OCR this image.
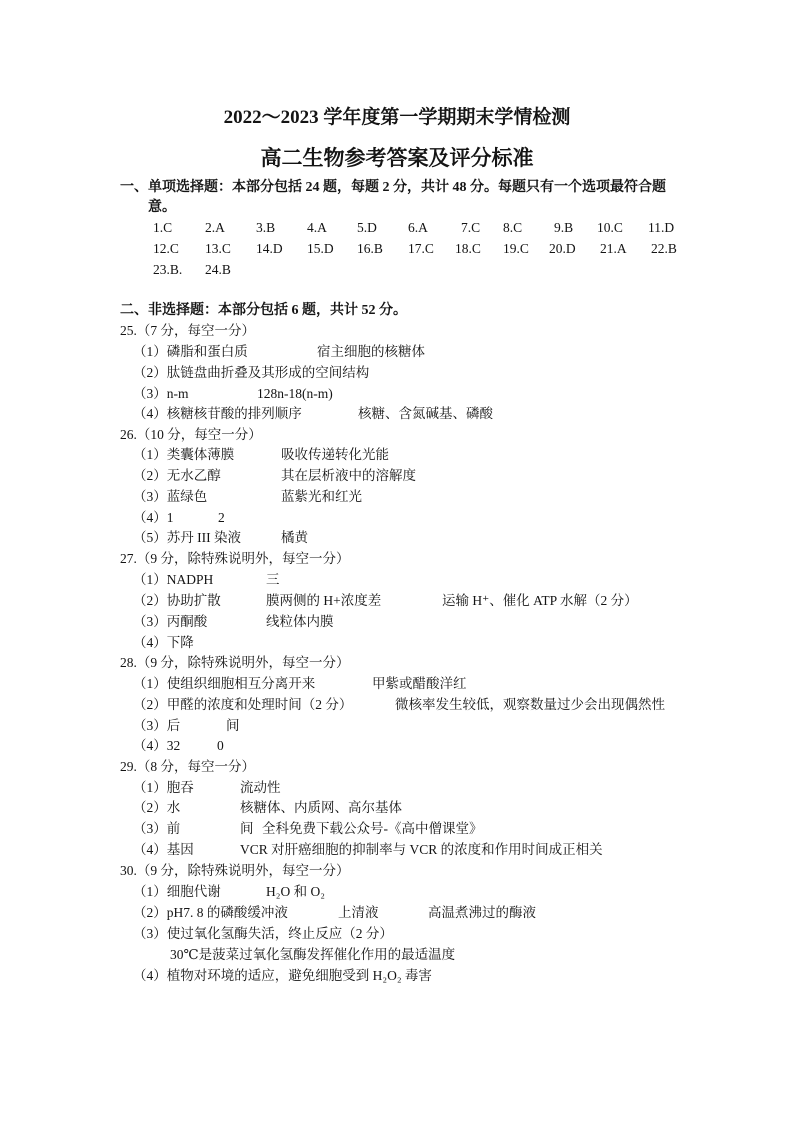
2022～2023 学年度第一学期期末学情检测
高二生物参考答案及评分标准
一、单项选择题：本部分包括 24 题，每题 2 分，共计 48 分。每题只有一个选项最符合题
意。
1.C 2.A 3.B 4.A 5.D 6.A 7.C 8.C 9.B 10.C 11.D
12.C 13.C 14.D 15.D 16.B 17.C 18.C 19.C 20.D 21.A 22.B
23.B. 24.B
二、非选择题：本部分包括 6 题，共计 52 分。
25.（7 分，每空一分）
（1）磷脂和蛋白质	宿主细胞的核糖体
（2）肽链盘曲折叠及其形成的空间结构
（3）n-m	128n-18(n-m)
（4）核糖核苷酸的排列顺序	核糖、含氮碱基、磷酸
26.（10 分，每空一分）
（1）类囊体薄膜	吸收传递转化光能
（2）无水乙醇	其在层析液中的溶解度
（3）蓝绿色	蓝紫光和红光
（4）1	2
（5）苏丹 III 染液	橘黄
27.（9 分，除特殊说明外，每空一分）
（1）NADPH	三
（2）协助扩散	膜两侧的 H+浓度差	运输 H⁺、催化 ATP 水解（2 分）
（3）丙酮酸	线粒体内膜
（4）下降
28.（9 分，除特殊说明外，每空一分）
（1）使组织细胞相互分离开来	甲紫或醋酸洋红
（2）甲醛的浓度和处理时间（2 分）	微核率发生较低，观察数量过少会出现偶然性
（3）后	间
（4）32	0
29.（8 分，每空一分）
（1）胞吞	流动性
（2）水	核糖体、内质网、高尔基体
（3）前	间 全科免费下载公众号-《高中僧课堂》
（4）基因	VCR 对肝癌细胞的抑制率与 VCR 的浓度和作用时间成正相关
30.（9 分，除特殊说明外，每空一分）
（1）细胞代谢	H₂O 和 O₂
（2）pH7. 8 的磷酸缓冲液	上清液	高温煮沸过的酶液
（3）使过氧化氢酶失活，终止反应（2 分）
30℃是菠菜过氧化氢酶发挥催化作用的最适温度
（4）植物对环境的适应，避免细胞受到 H₂O₂ 毒害
